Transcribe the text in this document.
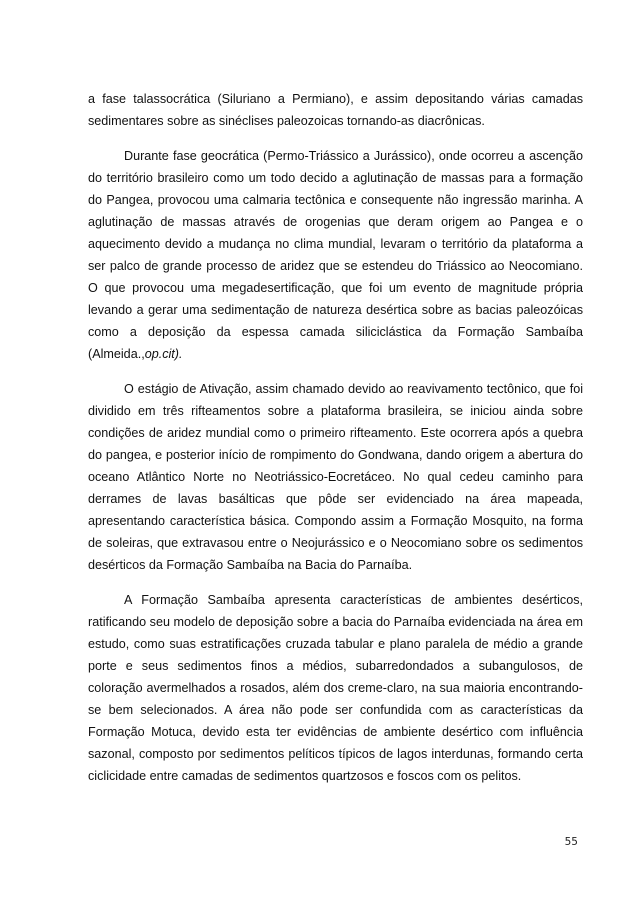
a fase talassocrática (Siluriano a Permiano), e assim depositando várias camadas sedimentares sobre as sinéclises paleozoicas tornando-as diacrônicas.

Durante fase geocrática (Permo-Triássico a Jurássico), onde ocorreu a ascenção do território brasileiro como um todo decido a aglutinação de massas para a formação do Pangea, provocou uma calmaria tectônica e consequente não ingressão marinha. A aglutinação de massas através de orogenias que deram origem ao Pangea e o aquecimento devido a mudança no clima mundial, levaram o território da plataforma a ser palco de grande processo de aridez que se estendeu do Triássico ao Neocomiano. O que provocou uma megadesertificação, que foi um evento de magnitude própria levando a gerar uma sedimentação de natureza desértica sobre as bacias paleozóicas como a deposição da espessa camada siliciclástica da Formação Sambaíba (Almeida.,op.cit).

O estágio de Ativação, assim chamado devido ao reavivamento tectônico, que foi dividido em três rifteamentos sobre a plataforma brasileira, se iniciou ainda sobre condições de aridez mundial como o primeiro rifteamento. Este ocorrera após a quebra do pangea, e posterior início de rompimento do Gondwana, dando origem a abertura do oceano Atlântico Norte no Neotriássico-Eocretáceo. No qual cedeu caminho para derrames de lavas basálticas que pôde ser evidenciado na área mapeada, apresentando característica básica. Compondo assim a Formação Mosquito, na forma de soleiras, que extravasou entre o Neojurássico e o Neocomiano sobre os sedimentos desérticos da Formação Sambaíba na Bacia do Parnaíba.

A Formação Sambaíba apresenta características de ambientes desérticos, ratificando seu modelo de deposição sobre a bacia do Parnaíba evidenciada na área em estudo, como suas estratificações cruzada tabular e plano paralela de médio a grande porte e seus sedimentos finos a médios, subarredondados a subangulosos, de coloração avermelhados a rosados, além dos creme-claro, na sua maioria encontrando-se bem selecionados. A área não pode ser confundida com as características da Formação Motuca, devido esta ter evidências de ambiente desértico com influência sazonal, composto por sedimentos pelíticos típicos de lagos interdunas, formando certa ciclicidade entre camadas de sedimentos quartzosos e foscos com os pelitos.

55
